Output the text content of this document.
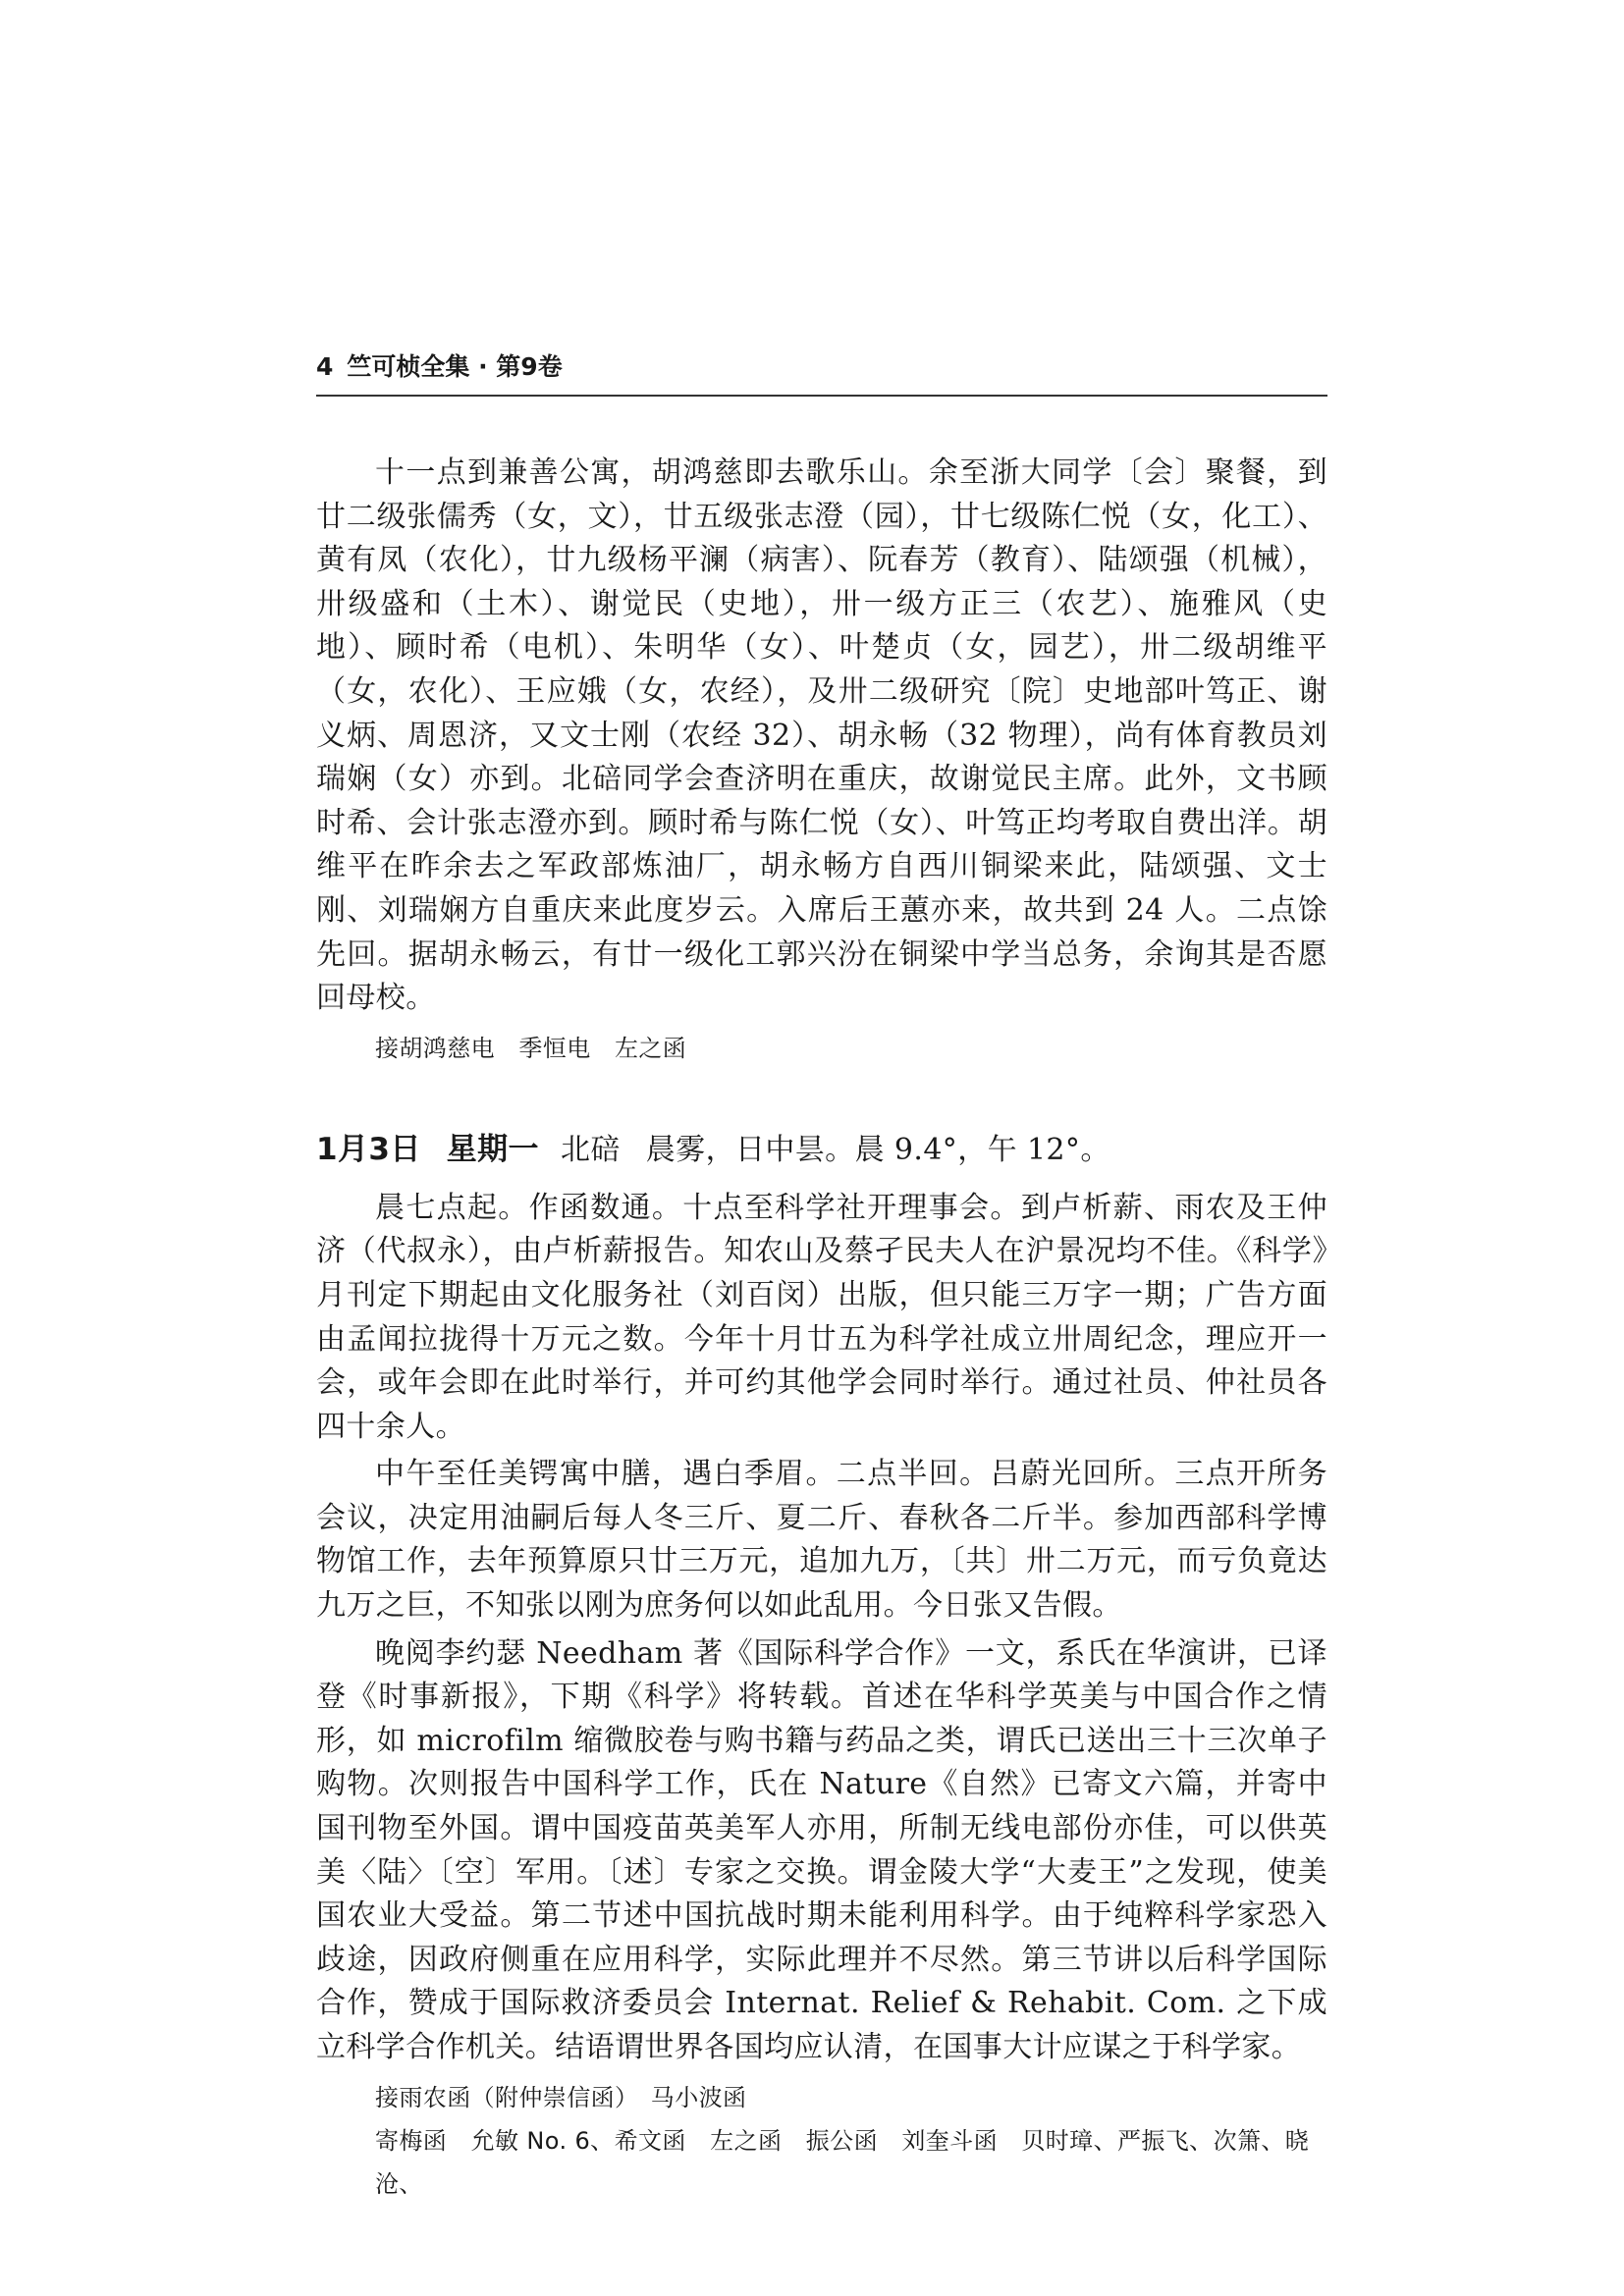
4 竺可桢全集 · 第9卷

十一点到兼善公寓，胡鸿慈即去歌乐山。余至浙大同学〔会〕聚餐，到廿二级张儒秀（女，文），廿五级张志澄（园），廿七级陈仁悦（女，化工）、黄有凤（农化），廿九级杨平澜（病害）、阮春芳（教育）、陆颂强（机械），卅级盛和（土木）、谢觉民（史地），卅一级方正三（农艺）、施雅风（史地）、顾时希（电机）、朱明华（女）、叶楚贞（女，园艺），卅二级胡维平（女，农化）、王应娥（女，农经），及卅二级研究〔院〕史地部叶笃正、谢义炳、周恩济，又文士刚（农经 32）、胡永畅（32 物理），尚有体育教员刘瑞娴（女）亦到。北碚同学会查济明在重庆，故谢觉民主席。此外，文书顾时希、会计张志澄亦到。顾时希与陈仁悦（女）、叶笃正均考取自费出洋。胡维平在昨余去之军政部炼油厂，胡永畅方自西川铜梁来此，陆颂强、文士刚、刘瑞娴方自重庆来此度岁云。入席后王蕙亦来，故共到 24 人。二点馀先回。据胡永畅云，有廿一级化工郭兴汾在铜梁中学当总务，余询其是否愿回母校。

接胡鸿慈电　季恒电　左之函
1月3日 星期一 北碚 晨雾，日中昙。晨 9.4°，午 12°。

晨七点起。作函数通。十点至科学社开理事会。到卢析薪、雨农及王仲济（代叔永），由卢析薪报告。知农山及蔡孑民夫人在沪景况均不佳。《科学》月刊定下期起由文化服务社（刘百闵）出版，但只能三万字一期；广告方面由孟闻拉拢得十万元之数。今年十月廿五为科学社成立卅周纪念，理应开一会，或年会即在此时举行，并可约其他学会同时举行。通过社员、仲社员各四十余人。

中午至任美锷寓中膳，遇白季眉。二点半回。吕蔚光回所。三点开所务会议，决定用油嗣后每人冬三斤、夏二斤、春秋各二斤半。参加西部科学博物馆工作，去年预算原只廿三万元，追加九万，〔共〕卅二万元，而亏负竟达九万之巨，不知张以刚为庶务何以如此乱用。今日张又告假。

晚阅李约瑟 Needham 著《国际科学合作》一文，系氏在华演讲，已译登《时事新报》，下期《科学》将转载。首述在华科学英美与中国合作之情形，如 microfilm 缩微胶卷与购书籍与药品之类，谓氏已送出三十三次单子购物。次则报告中国科学工作，氏在 Nature《自然》已寄文六篇，并寄中国刊物至外国。谓中国疫苗英美军人亦用，所制无线电部份亦佳，可以供英美〈陆〉〔空〕军用。〔述〕专家之交换。谓金陵大学“大麦王”之发现，使美国农业大受益。第二节述中国抗战时期未能利用科学。由于纯粹科学家恐入歧途，因政府侧重在应用科学，实际此理并不尽然。第三节讲以后科学国际合作，赞成于国际救济委员会 Internat. Relief & Rehabit. Com. 之下成立科学合作机关。结语谓世界各国均应认清，在国事大计应谋之于科学家。

接雨农函（附仲崇信函）　马小波函
寄梅函　允敏 No. 6、希文函　左之函　振公函　刘奎斗函　贝时璋、严振飞、次箫、晓沧、
